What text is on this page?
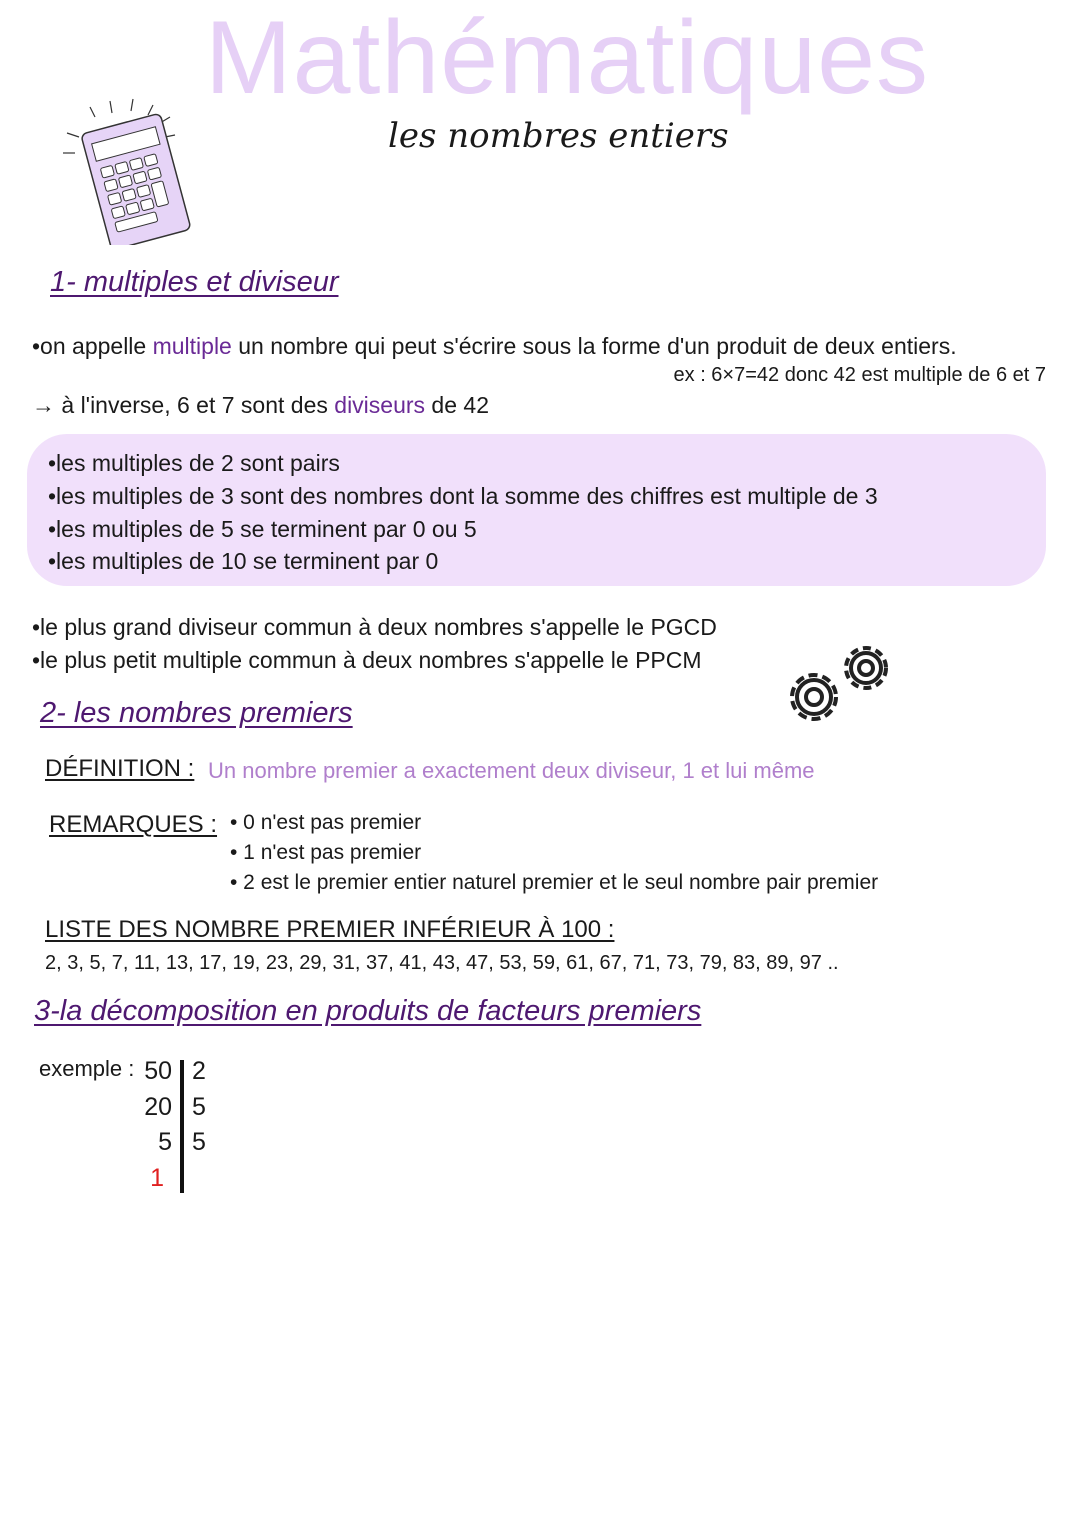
Mathématiques
les nombres entiers
1- multiples et diviseur
•on appelle multiple un nombre qui peut s'écrire sous la forme d'un produit de deux entiers.
ex : 6×7=42 donc 42 est multiple de 6 et 7
→ à l'inverse, 6 et 7 sont des diviseurs de 42
•les multiples de 2 sont pairs
•les multiples de 3 sont des nombres dont la somme des chiffres est multiple de 3
•les multiples de 5 se terminent par 0 ou 5
•les multiples de 10 se terminent par 0
•le plus grand diviseur commun à deux nombres s'appelle le PGCD
•le plus petit multiple commun à deux nombres s'appelle le PPCM
2- les nombres premiers
DÉFINITION : Un nombre premier a exactement deux diviseur, 1 et lui même
REMARQUES : • 0 n'est pas premier
• 1 n'est pas premier
• 2 est le premier entier naturel premier et le seul nombre pair premier
LISTE DES NOMBRE PREMIER INFÉRIEUR À 100 :
2, 3, 5, 7, 11, 13, 17, 19, 23, 29, 31, 37, 41, 43, 47, 53, 59, 61, 67, 71, 73, 79, 83, 89, 97 ..
3-la décomposition en produits de facteurs premiers
exemple : 50
20
5
1
2
5
5
